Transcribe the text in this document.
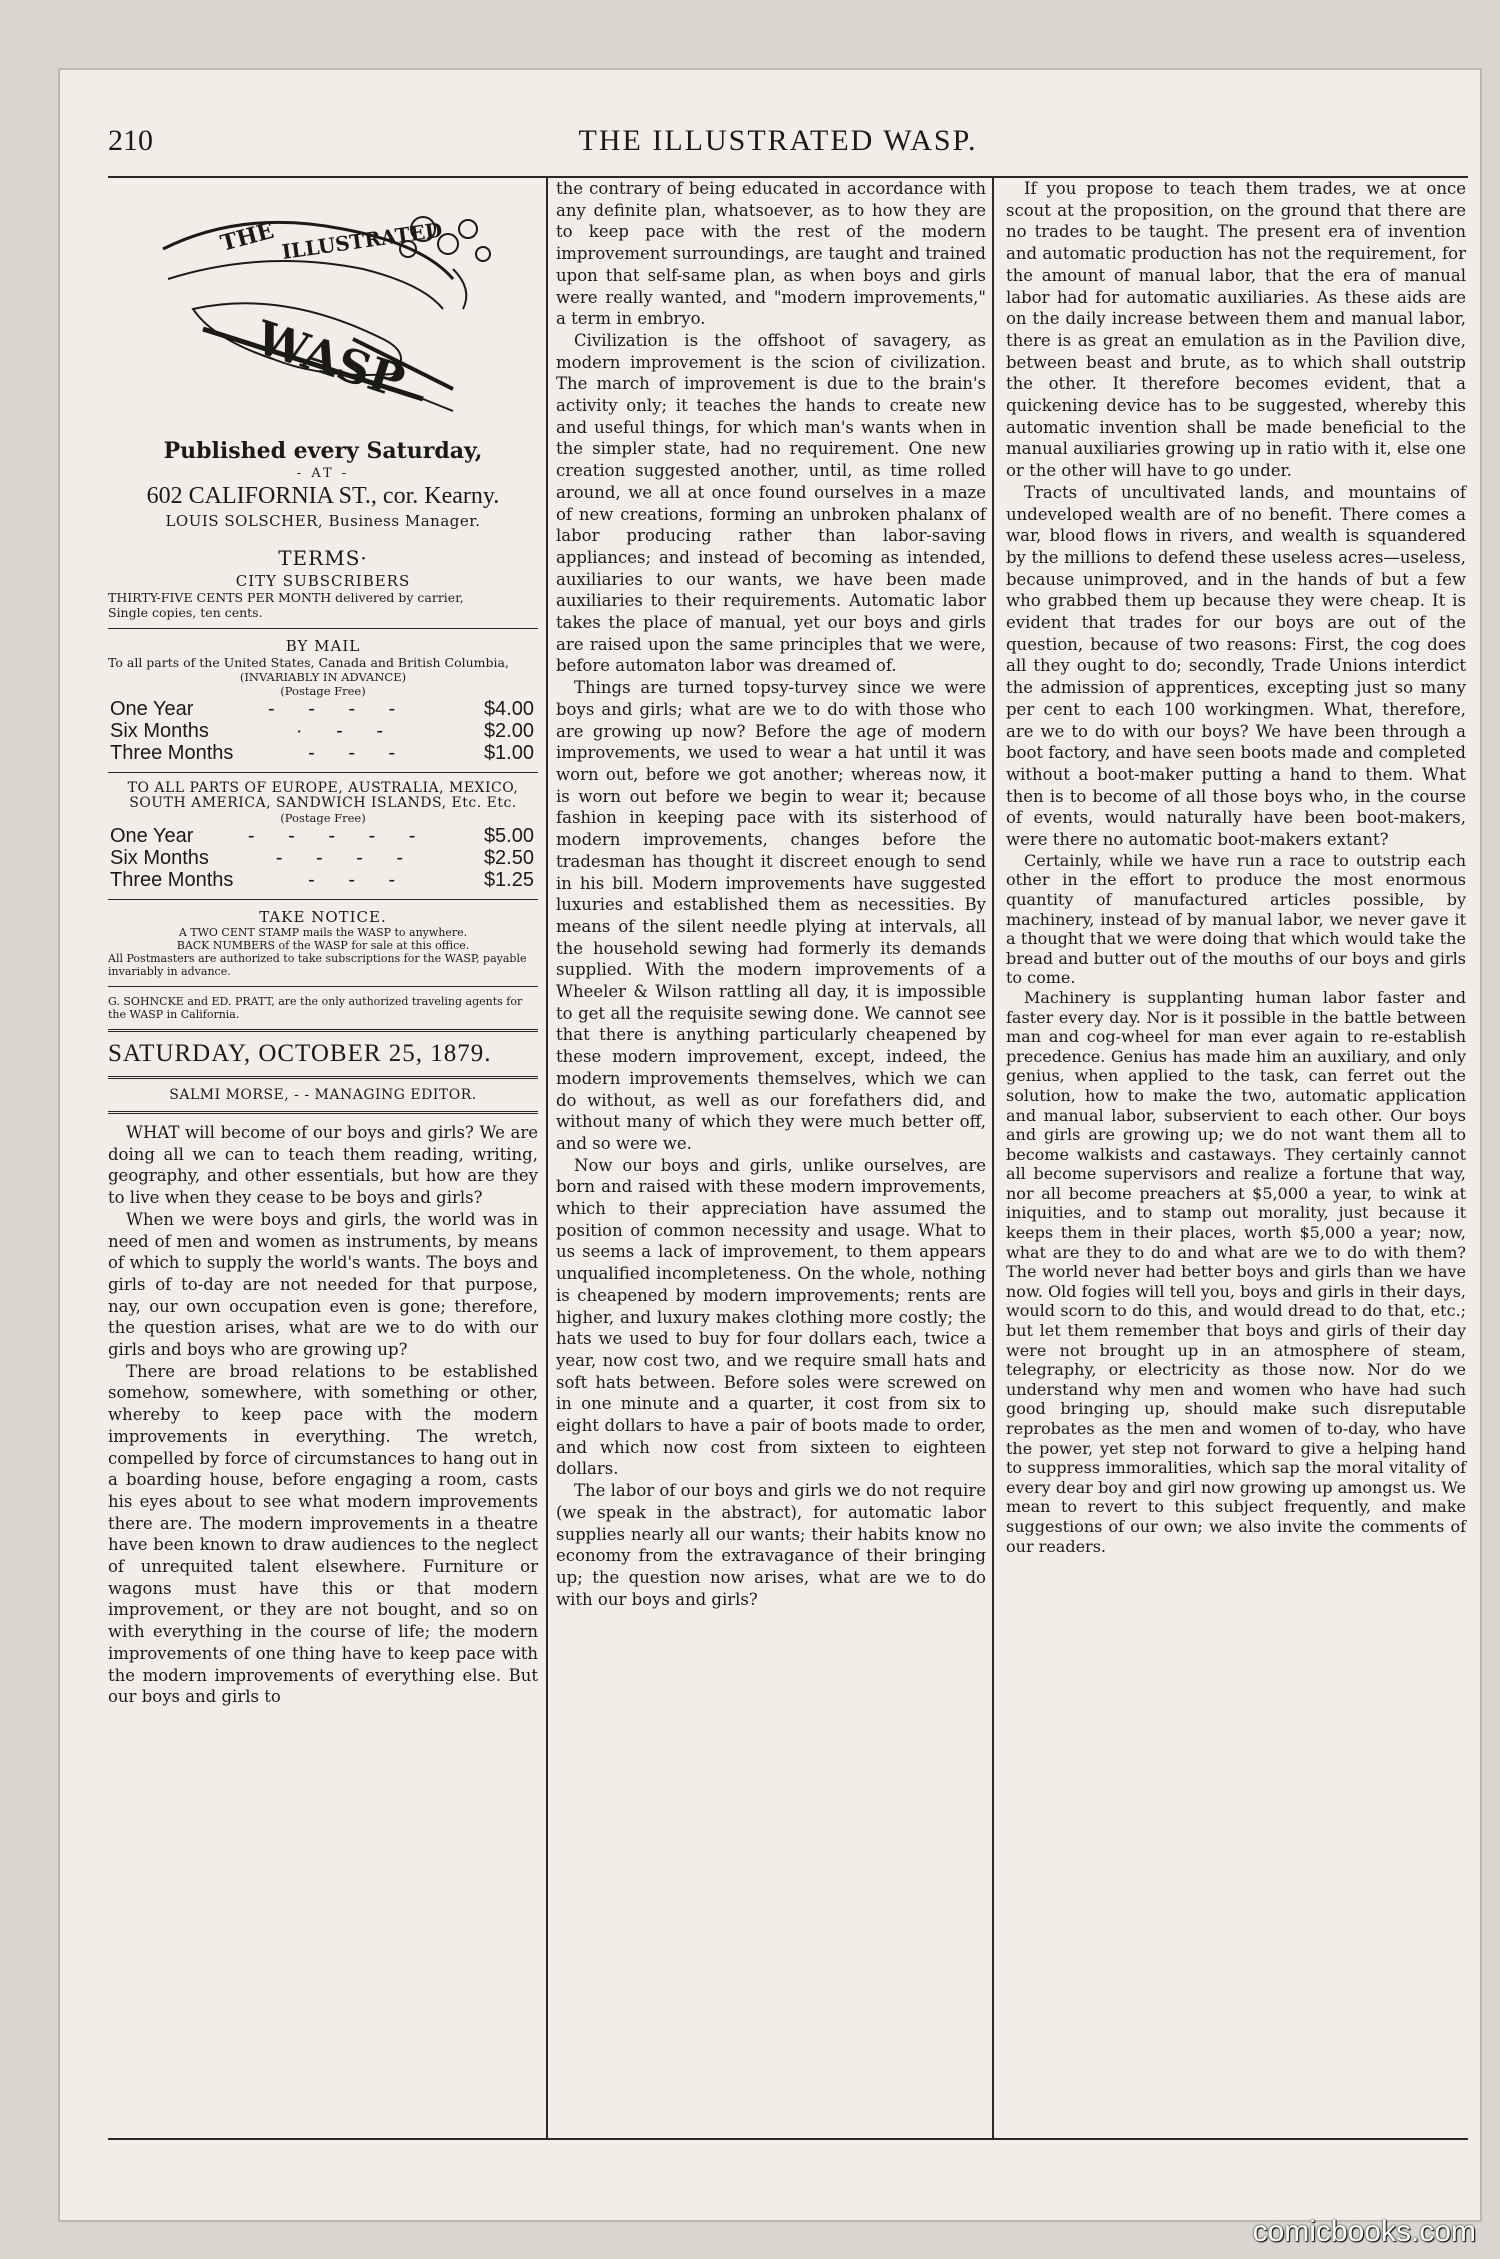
210	THE ILLUSTRATED WASP.
THE ILLUSTRATED
WASP
Published every Saturday,
- AT -
602 CALIFORNIA ST., cor. Kearny.
LOUIS SOLSCHER, Business Manager.
TERMS·
CITY SUBSCRIBERS
THIRTY-FIVE CENTS PER MONTH delivered by carrier,
Single copies, ten cents.
BY MAIL
To all parts of the United States, Canada and British Columbia,
(INVARIABLY IN ADVANCE)
(Postage Free)
One Year	- - - -	$4.00
Six Months	· - -	$2.00
Three Months	- - -	$1.00
TO ALL PARTS OF EUROPE, AUSTRALIA, MEXICO, SOUTH AMERICA, SANDWICH ISLANDS, Etc. Etc.
(Postage Free)
One Year	- - - - -	$5.00
Six Months	- - - -	$2.50
Three Months	- - -	$1.25
TAKE NOTICE.
A TWO CENT STAMP mails the WASP to anywhere.
BACK NUMBERS of the WASP for sale at this office.
All Postmasters are authorized to take subscriptions for the WASP, payable invariably in advance.
G. SOHNCKE and ED. PRATT, are the only authorized traveling agents for the WASP in California.
SATURDAY, OCTOBER 25, 1879.
SALMI MORSE, - - MANAGING EDITOR.

WHAT will become of our boys and girls? We are doing all we can to teach them reading, writing, geography, and other essentials, but how are they to live when they cease to be boys and girls?

When we were boys and girls, the world was in need of men and women as instruments, by means of which to supply the world's wants. The boys and girls of to-day are not needed for that purpose, nay, our own occupation even is gone; therefore, the question arises, what are we to do with our girls and boys who are growing up?

There are broad relations to be established somehow, somewhere, with something or other, whereby to keep pace with the modern improvements in everything. The wretch, compelled by force of circumstances to hang out in a boarding house, before engaging a room, casts his eyes about to see what modern improvements there are. The modern improvements in a theatre have been known to draw audiences to the neglect of unrequited talent elsewhere. Furniture or wagons must have this or that modern improvement, or they are not bought, and so on with everything in the course of life; the modern improvements of one thing have to keep pace with the modern improvements of everything else. But our boys and girls to

the contrary of being educated in accordance with any definite plan, whatsoever, as to how they are to keep pace with the rest of the modern improvement surroundings, are taught and trained upon that self-same plan, as when boys and girls were really wanted, and "modern improvements," a term in embryo.

Civilization is the offshoot of savagery, as modern improvement is the scion of civilization. The march of improvement is due to the brain's activity only; it teaches the hands to create new and useful things, for which man's wants when in the simpler state, had no requirement. One new creation suggested another, until, as time rolled around, we all at once found ourselves in a maze of new creations, forming an unbroken phalanx of labor producing rather than labor-saving appliances; and instead of becoming as intended, auxiliaries to our wants, we have been made auxiliaries to their requirements. Automatic labor takes the place of manual, yet our boys and girls are raised upon the same principles that we were, before automaton labor was dreamed of.

Things are turned topsy-turvey since we were boys and girls; what are we to do with those who are growing up now? Before the age of modern improvements, we used to wear a hat until it was worn out, before we got another; whereas now, it is worn out before we begin to wear it; because fashion in keeping pace with its sisterhood of modern improvements, changes before the tradesman has thought it discreet enough to send in his bill. Modern improvements have suggested luxuries and established them as necessities. By means of the silent needle plying at intervals, all the household sewing had formerly its demands supplied. With the modern improvements of a Wheeler & Wilson rattling all day, it is impossible to get all the requisite sewing done. We cannot see that there is anything particularly cheapened by these modern improvement, except, indeed, the modern improvements themselves, which we can do without, as well as our forefathers did, and without many of which they were much better off, and so were we.

Now our boys and girls, unlike ourselves, are born and raised with these modern improvements, which to their appreciation have assumed the position of common necessity and usage. What to us seems a lack of improvement, to them appears unqualified incompleteness. On the whole, nothing is cheapened by modern improvements; rents are higher, and luxury makes clothing more costly; the hats we used to buy for four dollars each, twice a year, now cost two, and we require small hats and soft hats between. Before soles were screwed on in one minute and a quarter, it cost from six to eight dollars to have a pair of boots made to order, and which now cost from sixteen to eighteen dollars.

The labor of our boys and girls we do not require (we speak in the abstract), for automatic labor supplies nearly all our wants; their habits know no economy from the extravagance of their bringing up; the question now arises, what are we to do with our boys and girls?

If you propose to teach them trades, we at once scout at the proposition, on the ground that there are no trades to be taught. The present era of invention and automatic production has not the requirement, for the amount of manual labor, that the era of manual labor had for automatic auxiliaries. As these aids are on the daily increase between them and manual labor, there is as great an emulation as in the Pavilion dive, between beast and brute, as to which shall outstrip the other. It therefore becomes evident, that a quickening device has to be suggested, whereby this automatic invention shall be made beneficial to the manual auxiliaries growing up in ratio with it, else one or the other will have to go under.

Tracts of uncultivated lands, and mountains of undeveloped wealth are of no benefit. There comes a war, blood flows in rivers, and wealth is squandered by the millions to defend these useless acres—useless, because unimproved, and in the hands of but a few who grabbed them up because they were cheap. It is evident that trades for our boys are out of the question, because of two reasons: First, the cog does all they ought to do; secondly, Trade Unions interdict the admission of apprentices, excepting just so many per cent to each 100 workingmen. What, therefore, are we to do with our boys? We have been through a boot factory, and have seen boots made and completed without a boot-maker putting a hand to them. What then is to become of all those boys who, in the course of events, would naturally have been boot-makers, were there no automatic boot-makers extant?

Certainly, while we have run a race to outstrip each other in the effort to produce the most enormous quantity of manufactured articles possible, by machinery, instead of by manual labor, we never gave it a thought that we were doing that which would take the bread and butter out of the mouths of our boys and girls to come.

Machinery is supplanting human labor faster and faster every day. Nor is it possible in the battle between man and cog-wheel for man ever again to re-establish precedence. Genius has made him an auxiliary, and only genius, when applied to the task, can ferret out the solution, how to make the two, automatic application and manual labor, subservient to each other. Our boys and girls are growing up; we do not want them all to become walkists and castaways. They certainly cannot all become supervisors and realize a fortune that way, nor all become preachers at $5,000 a year, to wink at iniquities, and to stamp out morality, just because it keeps them in their places, worth $5,000 a year; now, what are they to do and what are we to do with them? The world never had better boys and girls than we have now. Old fogies will tell you, boys and girls in their days, would scorn to do this, and would dread to do that, etc.; but let them remember that boys and girls of their day were not brought up in an atmosphere of steam, telegraphy, or electricity as those now. Nor do we understand why men and women who have had such good bringing up, should make such disreputable reprobates as the men and women of to-day, who have the power, yet step not forward to give a helping hand to suppress immoralities, which sap the moral vitality of every dear boy and girl now growing up amongst us. We mean to revert to this subject frequently, and make suggestions of our own; we also invite the comments of our readers.

comicbooks.com
